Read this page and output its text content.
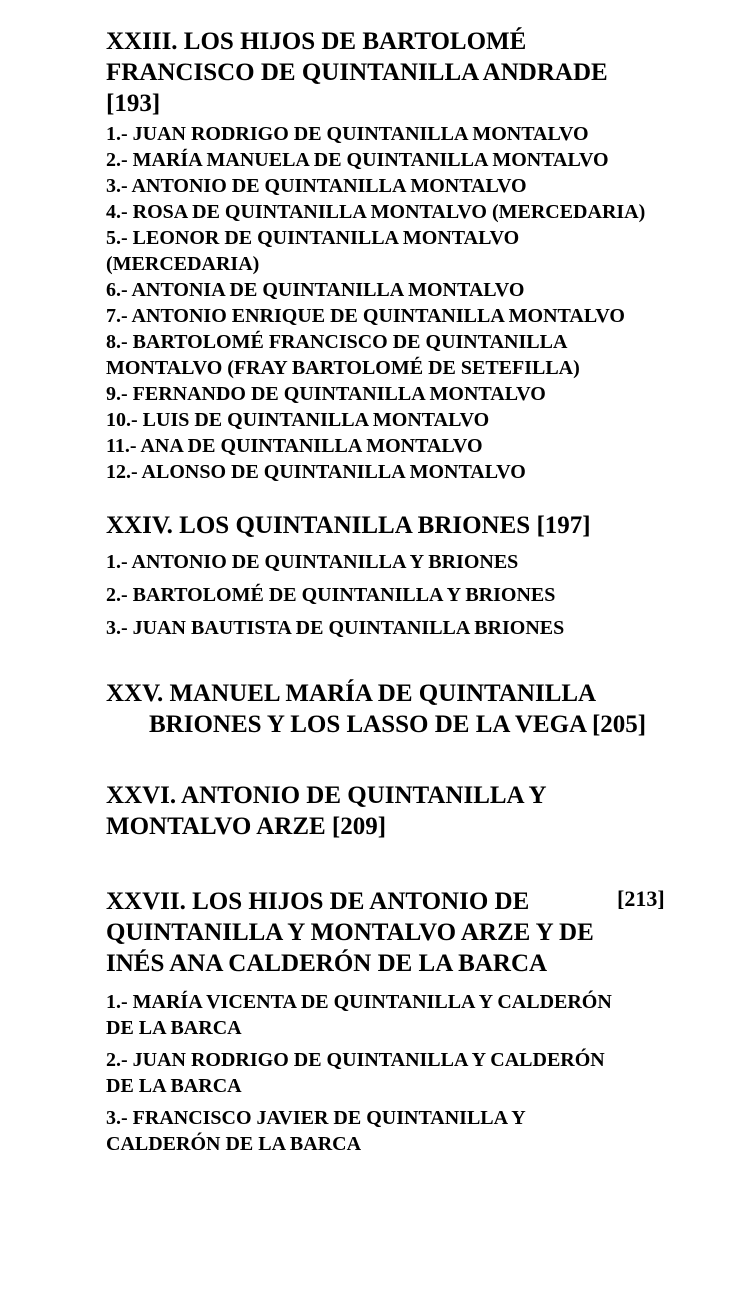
XXIII. LOS HIJOS DE BARTOLOMÉ FRANCISCO DE QUINTANILLA ANDRADE [193]

1.- JUAN RODRIGO DE QUINTANILLA MONTALVO

2.- MARÍA MANUELA DE QUINTANILLA MONTALVO

3.- ANTONIO DE QUINTANILLA MONTALVO

4.- ROSA DE QUINTANILLA MONTALVO (MERCEDARIA)

5.- LEONOR DE QUINTANILLA MONTALVO (MERCEDARIA)

6.- ANTONIA DE QUINTANILLA MONTALVO

7.- ANTONIO ENRIQUE DE QUINTANILLA MONTALVO

8.- BARTOLOMÉ FRANCISCO DE QUINTANILLA MONTALVO (FRAY BARTOLOMÉ DE SETEFILLA)

9.- FERNANDO DE QUINTANILLA MONTALVO

10.- LUIS DE QUINTANILLA MONTALVO

11.- ANA DE QUINTANILLA MONTALVO

12.- ALONSO DE QUINTANILLA MONTALVO

XXIV. LOS QUINTANILLA BRIONES [197]

1.- ANTONIO DE QUINTANILLA Y BRIONES

2.- BARTOLOMÉ DE QUINTANILLA Y BRIONES

3.- JUAN BAUTISTA DE QUINTANILLA BRIONES

XXV. MANUEL MARÍA DE QUINTANILLA BRIONES Y LOS LASSO DE LA VEGA [205]

XXVI. ANTONIO DE QUINTANILLA Y MONTALVO ARZE [209]

XXVII. LOS HIJOS DE ANTONIO DE QUINTANILLA Y MONTALVO ARZE Y DE INÉS ANA CALDERÓN DE LA BARCA

[213]

1.- MARÍA VICENTA DE QUINTANILLA Y CALDERÓN DE LA BARCA

2.- JUAN RODRIGO DE QUINTANILLA Y CALDERÓN DE LA BARCA

3.- FRANCISCO JAVIER DE QUINTANILLA Y CALDERÓN DE LA BARCA
